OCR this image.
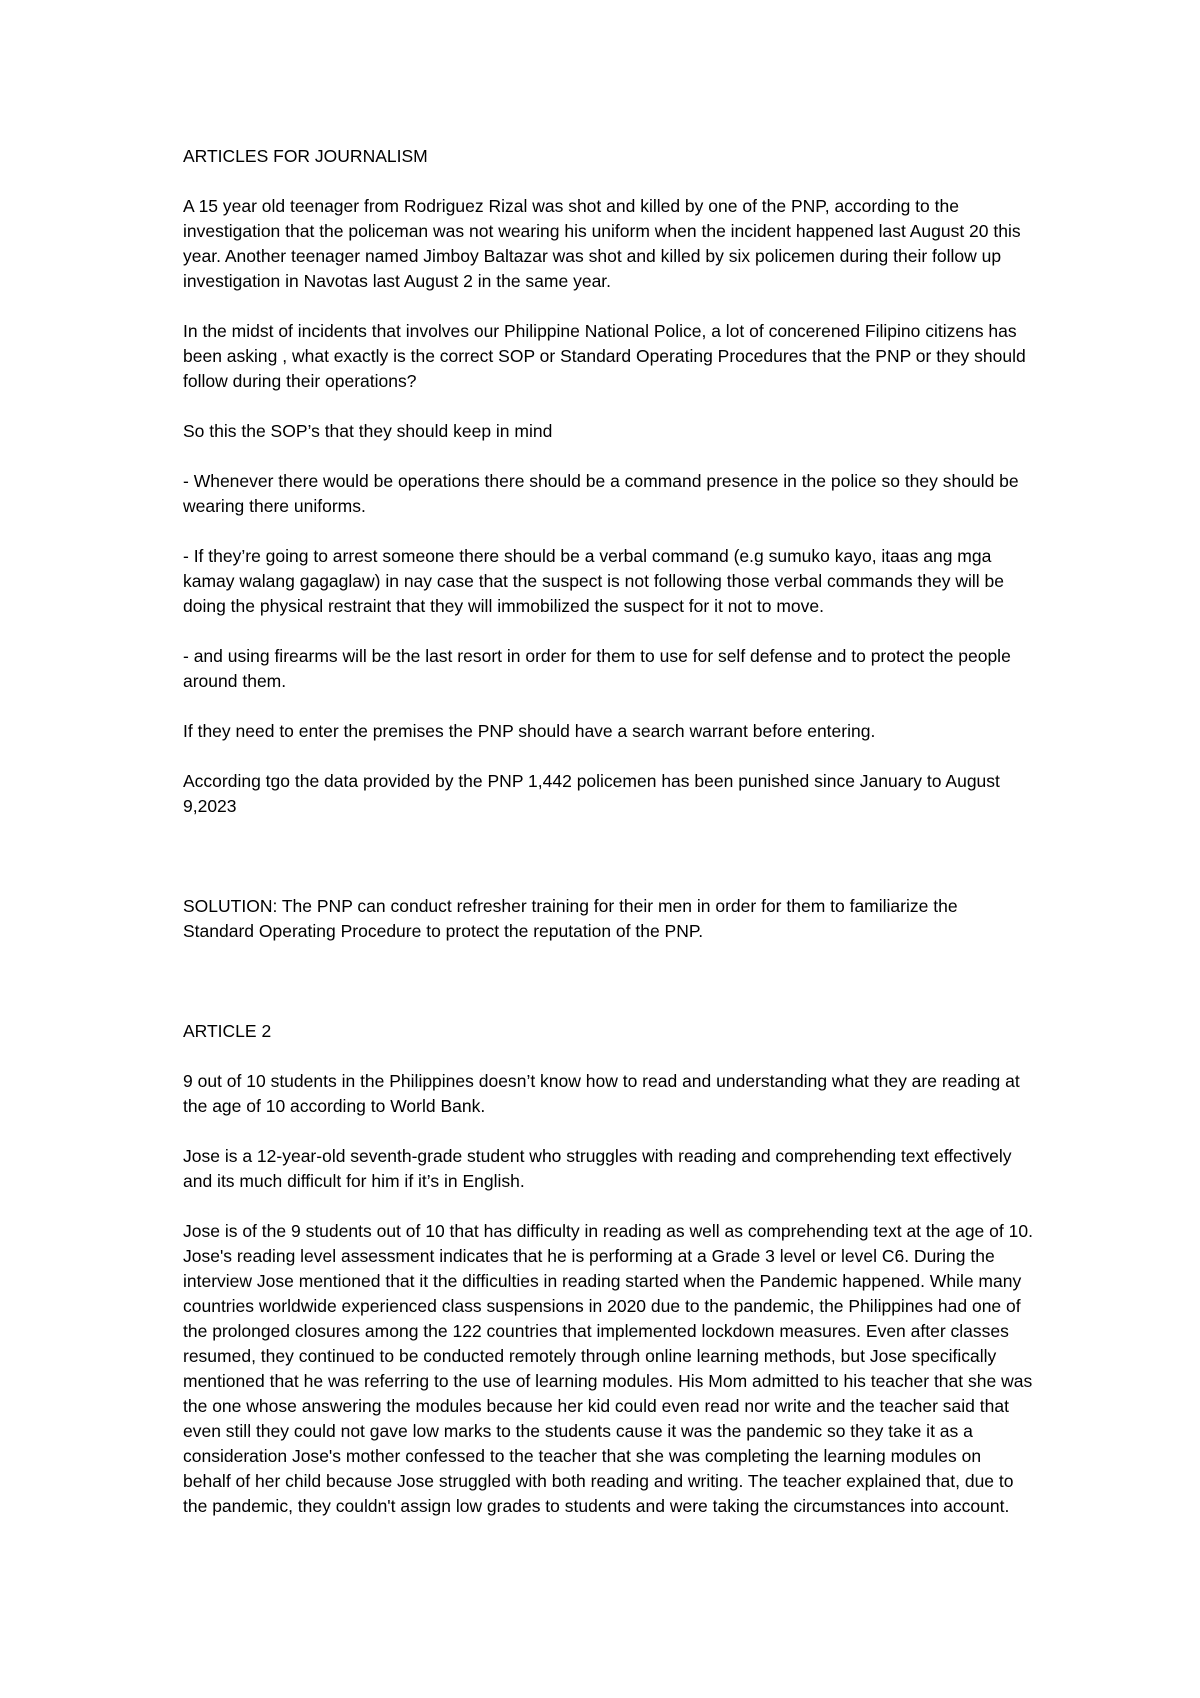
ARTICLES FOR JOURNALISM

A 15 year old teenager from Rodriguez Rizal was shot and killed by one of the PNP, according to the investigation that the policeman was not wearing his uniform when the incident happened last August 20 this year. Another teenager named Jimboy Baltazar was shot and killed by six policemen during their follow up investigation in Navotas last August 2 in the same year.

In the midst of incidents that involves our Philippine National Police, a lot of concerened Filipino citizens has been asking , what exactly is the correct SOP or Standard Operating Procedures that the PNP or they should follow during their operations?

So this the SOP’s that they should keep in mind

- Whenever there would be operations there should be a command presence in the police so they should be wearing there uniforms.

- If they’re going to arrest someone there should be a verbal command (e.g sumuko kayo, itaas ang mga kamay walang gagaglaw) in nay case that the suspect is not following those verbal commands they will be doing the physical restraint that they will immobilized the suspect for it not to move.

- and using firearms will be the last resort in order for them to use for self defense and to protect the people around them.

If they need to enter the premises the PNP should have a search warrant before entering.

According tgo the data provided by the PNP 1,442 policemen has been punished since January to August 9,2023

SOLUTION: The PNP can conduct refresher training for their men in order for them to familiarize the Standard Operating Procedure to protect the reputation of the PNP.

ARTICLE 2

9 out of 10 students in the Philippines doesn’t know how to read and understanding what they are reading at the age of 10 according to World Bank.

Jose is a 12-year-old seventh-grade student who struggles with reading and comprehending text effectively and its much difficult for him if it’s in English.

Jose is of the 9 students out of 10 that has difficulty in reading as well as comprehending text at the age of 10. Jose's reading level assessment indicates that he is performing at a Grade 3 level or level C6. During the interview Jose mentioned that it the difficulties in reading started when the Pandemic happened. While many countries worldwide experienced class suspensions in 2020 due to the pandemic, the Philippines had one of the prolonged closures among the 122 countries that implemented lockdown measures. Even after classes resumed, they continued to be conducted remotely through online learning methods, but Jose specifically mentioned that he was referring to the use of learning modules. His Mom admitted to his teacher that she was the one whose answering the modules because her kid could even read nor write and the teacher said that even still they could not gave low marks to the students cause it was the pandemic so they take it as a consideration Jose's mother confessed to the teacher that she was completing the learning modules on behalf of her child because Jose struggled with both reading and writing. The teacher explained that, due to the pandemic, they couldn't assign low grades to students and were taking the circumstances into account.
